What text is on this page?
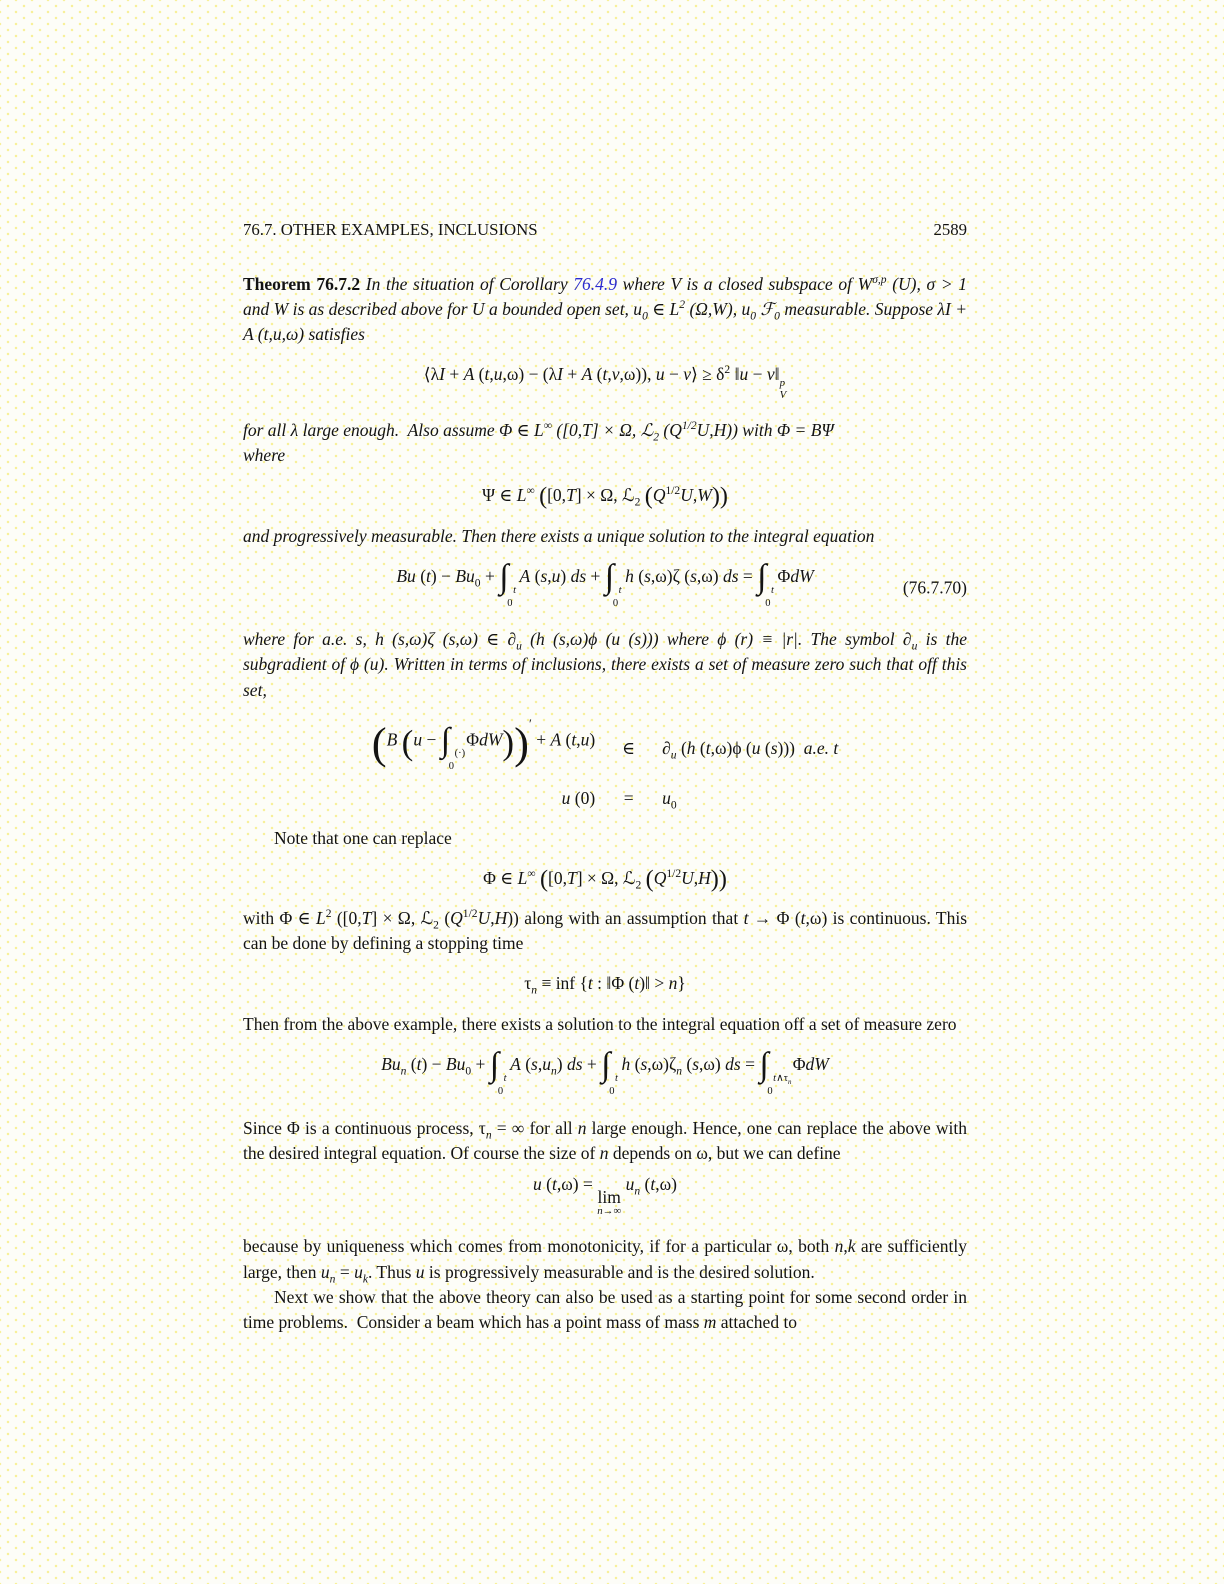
76.7. OTHER EXAMPLES, INCLUSIONS	2589

Theorem 76.7.2 In the situation of Corollary 76.4.9 where V is a closed subspace of $W^{\sigma,p}$ (U), σ > 1 and W is as described above for U a bounded open set, $u_0$ ∈ $L^2$ (Ω,W), $u_0$ ℱ$_0$ measurable. Suppose λI + A (t,u,ω) satisfies

⟨λI + A (t,u,ω) − (λI + A (t,v,ω)), u − v⟩ ≥ $\delta^2$ ‖u − v‖ p
V

for all λ large enough.  Also assume Φ ∈ L∞ ([0,T] × Ω, ℒ$_2$ $(Q^{1/2}U,H)$) with Φ = BΨ
where

Ψ ∈ L∞ ([0,T] × Ω, ℒ$_2$ $(Q^{1/2}U,W)$)

and progressively measurable. Then there exists a unique solution to the integral equation

Bu $(t) - Bu_0$ + ∫ t
0
A (s,u) ds + ∫ t
0
h (s,ω)ζ (s,ω) ds = ∫ t
0
ΦdW
(76.7.70)

where for a.e. s, h (s,ω)ζ (s,ω) ∈ $\partial_u$ (h (s,ω)ϕ (u (s))) where ϕ (r) ≡ |r|. The symbol $\partial_u$ is the subgradient of ϕ (u). Written in terms of inclusions, there exists a set of measure zero such that off this set,

(B (u − ∫ (·)
0
ΦdW))′ + A (t,u)	∈	$\partial_u$ (h (t,ω)ϕ (u (s)))  a.e. t
u (0)	=	$u_0$

Note that one can replace

Φ ∈ L∞ ([0,T] × Ω, ℒ$_2$ $(Q^{1/2}U,H)$)

with Φ ∈ $L^2$ ([0,T] × Ω, ℒ$_2$ $(Q^{1/2}U,H)$) along with an assumption that t → Φ (t,ω) is continuous. This can be done by defining a stopping time

$\tau_n$ ≡ inf {t : ‖Φ (t)‖ > n}

Then from the above example, there exists a solution to the integral equation off a set of measure zero

$Bu_n$ $(t) - Bu_0$ + ∫ t
0
A $(s,u_n)$ ds + ∫ t
0
h $(s,\omega)\zeta_n$ (s,ω) ds = ∫ $t\wedge\tau_n$
0
ΦdW

Since Φ is a continuous process, $\tau_n$ = ∞ for all n large enough. Hence, one can replace the above with the desired integral equation. Of course the size of n depends on ω, but we can define

u (t,ω) =
lim
n→∞
$u_n$ (t,ω)

because by uniqueness which comes from monotonicity, if for a particular ω, both n,k are sufficiently large, then $u_n = u_k$. Thus u is progressively measurable and is the desired solution.

Next we show that the above theory can also be used as a starting point for some second order in time problems.  Consider a beam which has a point mass of mass m attached to
